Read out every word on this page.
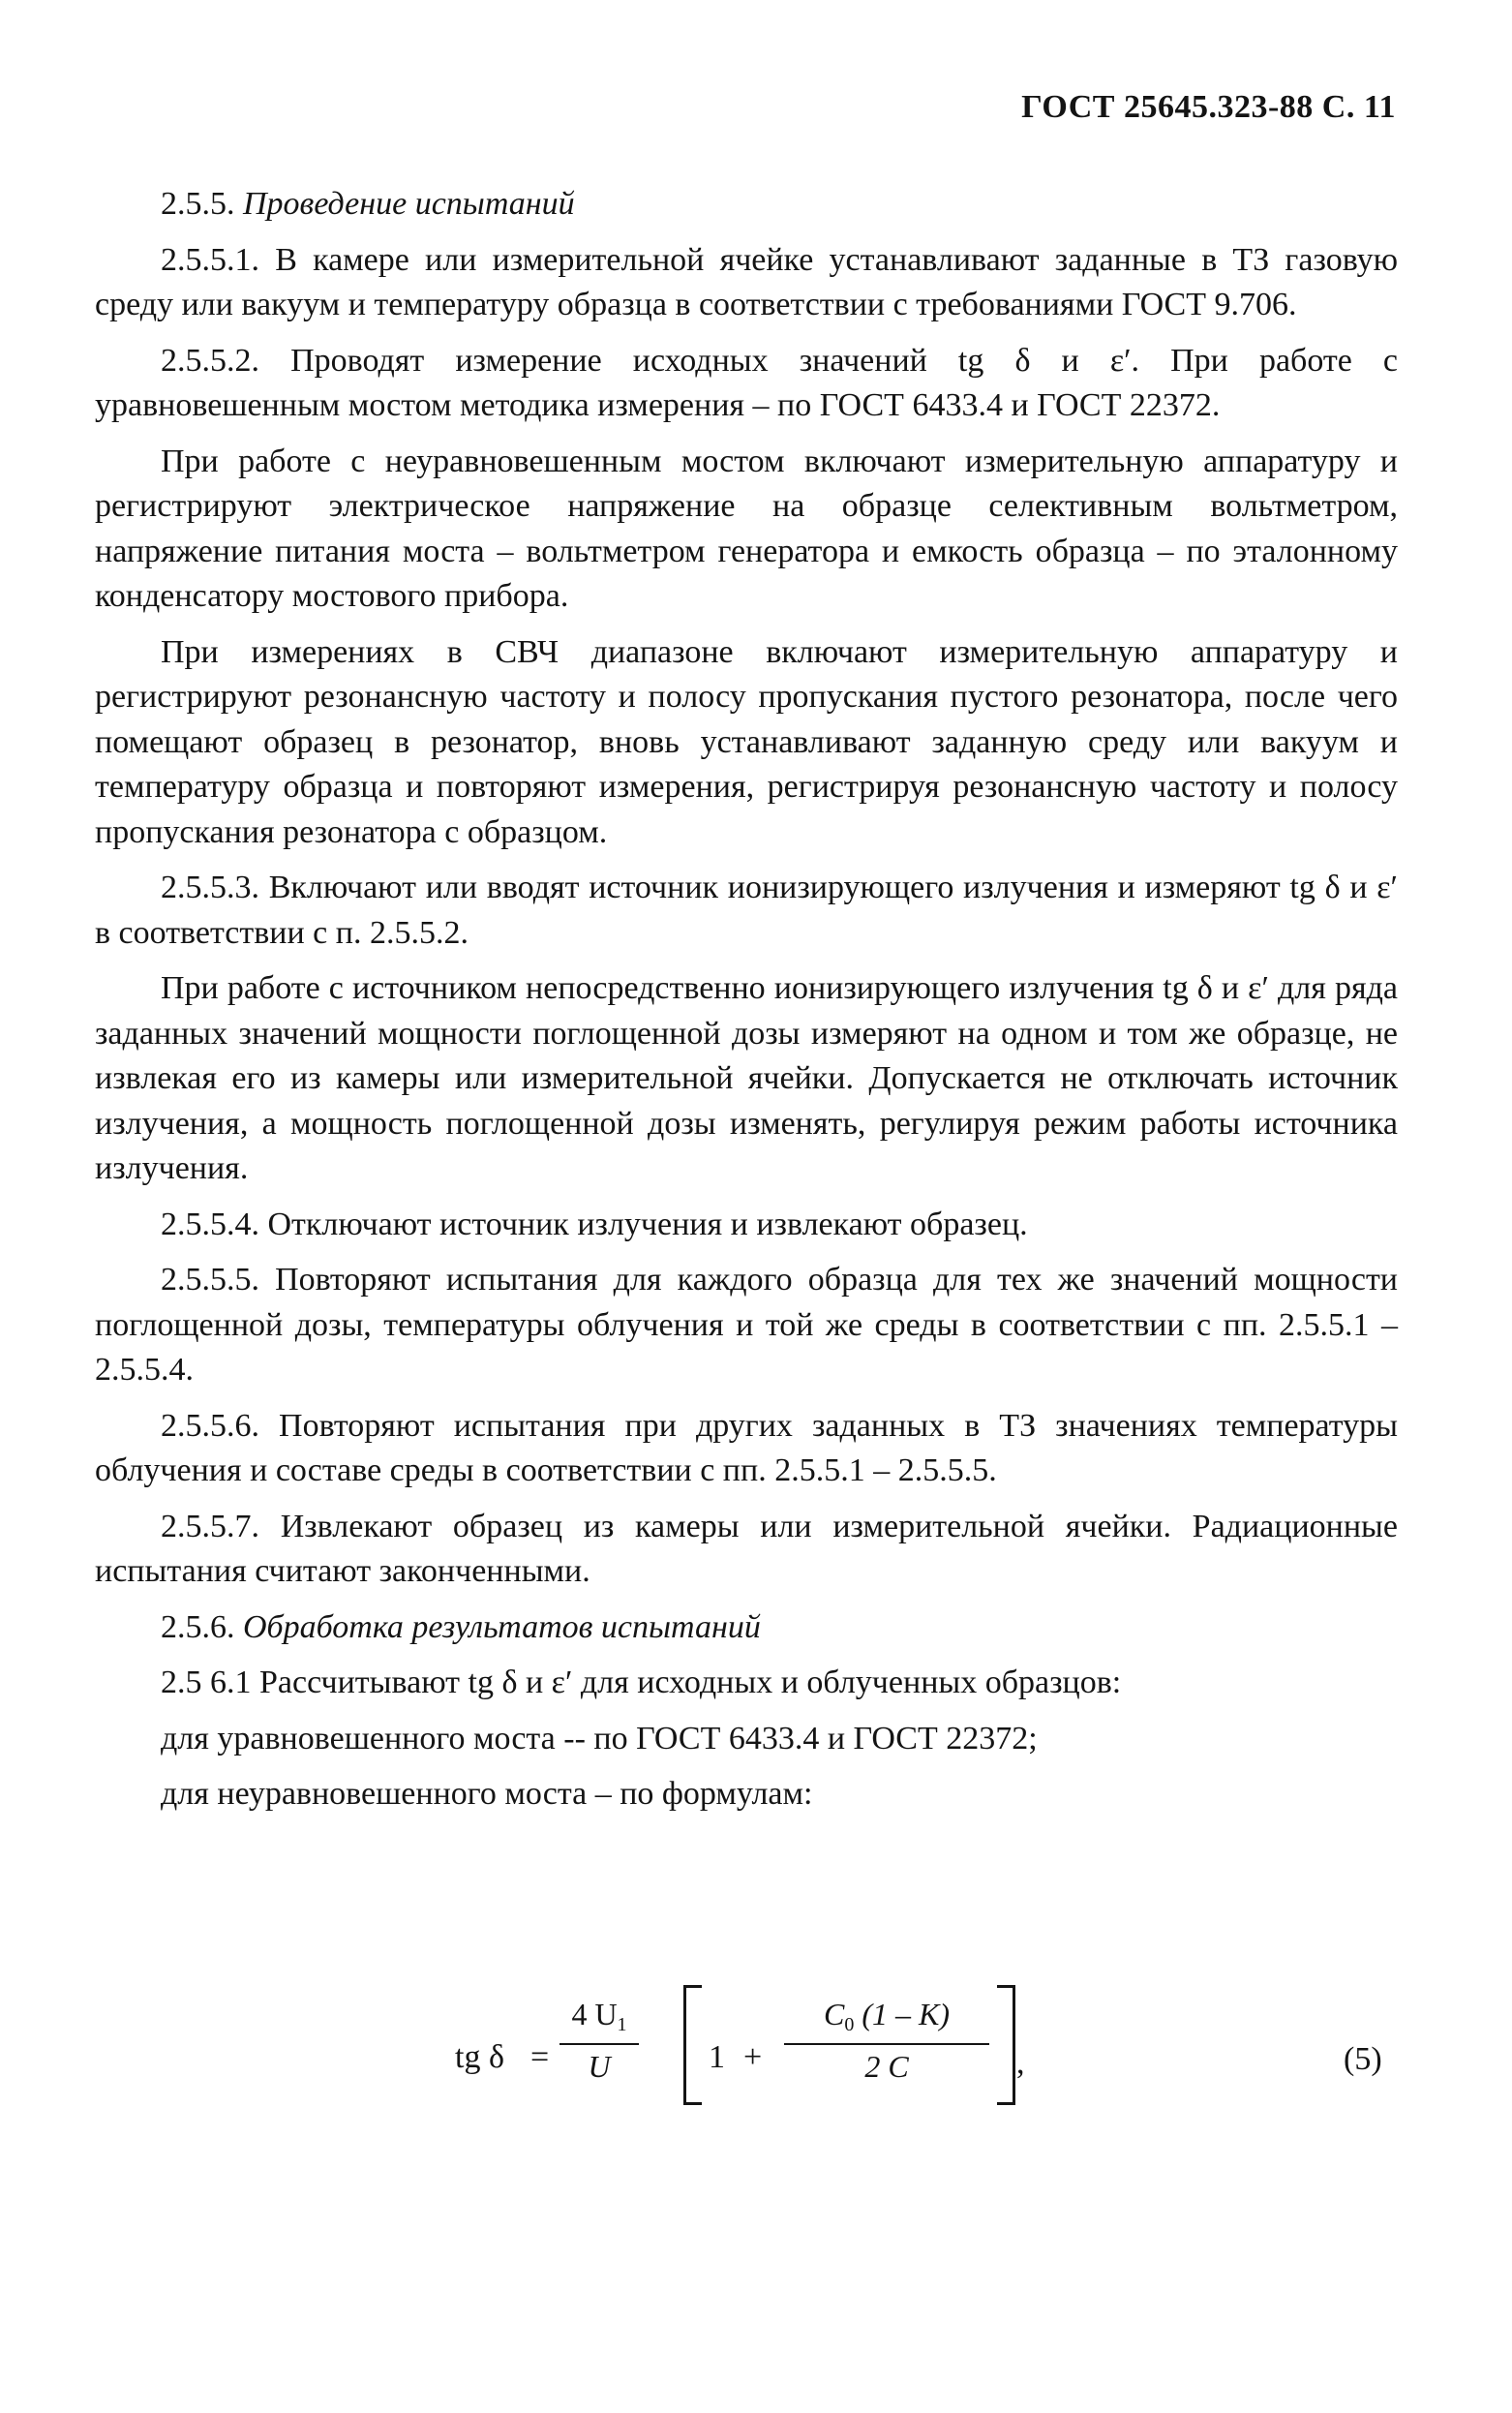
ГОСТ 25645.323-88 С. 11

2.5.5. Проведение испытаний

2.5.5.1. В камере или измерительной ячейке устанавливают заданные в ТЗ газовую среду или вакуум и температуру образца в соответствии с требованиями ГОСТ 9.706.

2.5.5.2. Проводят измерение исходных значений tg δ и ε′. При работе с уравновешенным мостом методика измерения – по ГОСТ 6433.4 и ГОСТ 22372.

При работе с неуравновешенным мостом включают измерительную аппаратуру и регистрируют электрическое напряжение на образце селективным вольтметром, напряжение питания моста – вольтметром генератора и емкость образца – по эталонному конденсатору мостового прибора.

При измерениях в СВЧ диапазоне включают измерительную аппаратуру и регистрируют резонансную частоту и полосу пропускания пустого резонатора, после чего помещают образец в резонатор, вновь устанавливают заданную среду или вакуум и температуру образца и повторяют измерения, регистрируя резонансную частоту и полосу пропускания резонатора с образцом.

2.5.5.3. Включают или вводят источник ионизирующего излучения и измеряют tg δ и ε′ в соответствии с п. 2.5.5.2.

При работе с источником непосредственно ионизирующего излучения tg δ и ε′ для ряда заданных значений мощности поглощенной дозы измеряют на одном и том же образце, не извлекая его из камеры или измерительной ячейки. Допускается не отключать источник излучения, а мощность поглощенной дозы изменять, регулируя режим работы источника излучения.

2.5.5.4. Отключают источник излучения и извлекают образец.

2.5.5.5. Повторяют испытания для каждого образца для тех же значений мощности поглощенной дозы, температуры облучения и той же среды в соответствии с пп. 2.5.5.1 – 2.5.5.4.

2.5.5.6. Повторяют испытания при других заданных в ТЗ значениях температуры облучения и составе среды в соответствии с пп. 2.5.5.1 – 2.5.5.5.

2.5.5.7. Извлекают образец из камеры или измерительной ячейки. Радиационные испытания считают законченными.

2.5.6. Обработка результатов испытаний

2.5 6.1 Рассчитывают tg δ и ε′ для исходных и облученных образцов:

для уравновешенного моста -- по ГОСТ 6433.4 и ГОСТ 22372;

для неуравновешенного моста – по формулам:

tg δ =
4 $U_1$
U	1 +
$C_0$ (1 – K)
2 C	,	(5)
